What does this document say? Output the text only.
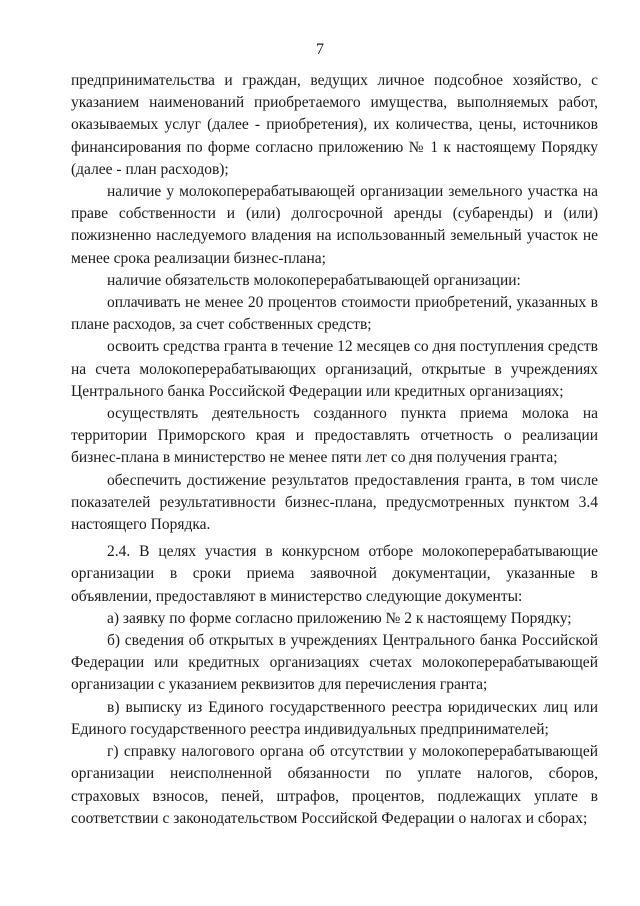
7

предпринимательства и граждан, ведущих личное подсобное хозяйство, с указанием наименований приобретаемого имущества, выполняемых работ, оказываемых услуг (далее - приобретения), их количества, цены, источников финансирования по форме согласно приложению № 1 к настоящему Порядку (далее - план расходов);

наличие у молокоперерабатывающей организации земельного участка на праве собственности и (или) долгосрочной аренды (субаренды) и (или) пожизненно наследуемого владения на использованный земельный участок не менее срока реализации бизнес-плана;

наличие обязательств молокоперерабатывающей организации:

оплачивать не менее 20 процентов стоимости приобретений, указанных в плане расходов, за счет собственных средств;

освоить средства гранта в течение 12 месяцев со дня поступления средств на счета молокоперерабатывающих организаций, открытые в учреждениях Центрального банка Российской Федерации или кредитных организациях;

осуществлять деятельность созданного пункта приема молока на территории Приморского края и предоставлять отчетность о реализации бизнес-плана в министерство не менее пяти лет со дня получения гранта;

обеспечить достижение результатов предоставления гранта, в том числе показателей результативности бизнес-плана, предусмотренных пунктом 3.4 настоящего Порядка.

2.4. В целях участия в конкурсном отборе молокоперерабатывающие организации в сроки приема заявочной документации, указанные в объявлении, предоставляют в министерство следующие документы:

а) заявку по форме согласно приложению № 2 к настоящему Порядку;

б) сведения об открытых в учреждениях Центрального банка Российской Федерации или кредитных организациях счетах молокоперерабатывающей организации с указанием реквизитов для перечисления гранта;

в) выписку из Единого государственного реестра юридических лиц или Единого государственного реестра индивидуальных предпринимателей;

г) справку налогового органа об отсутствии у молокоперерабатывающей организации неисполненной обязанности по уплате налогов, сборов, страховых взносов, пеней, штрафов, процентов, подлежащих уплате в соответствии с законодательством Российской Федерации о налогах и сборах;
